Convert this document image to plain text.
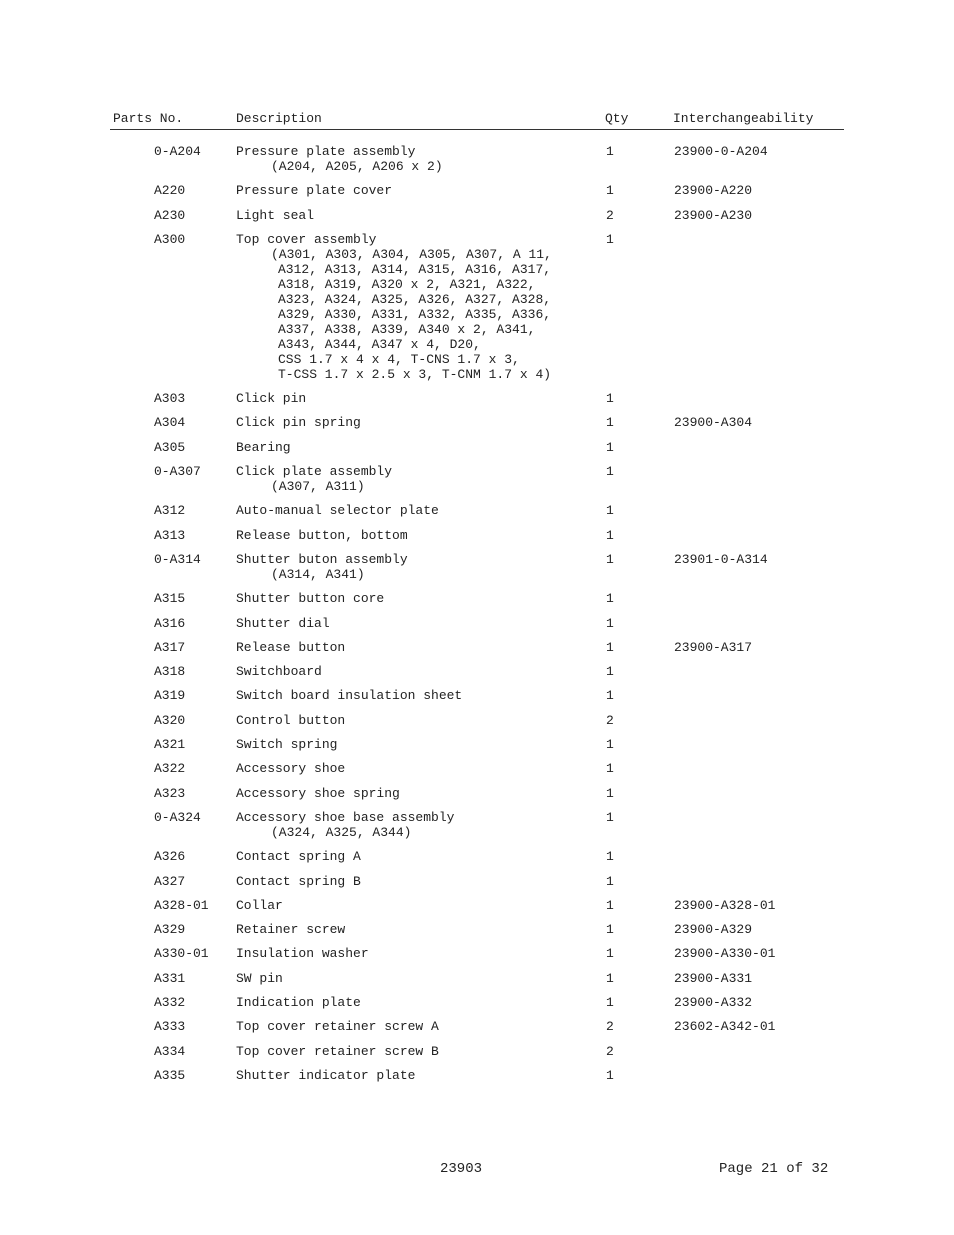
Parts No.	Description	Qty	Interchangeability
0-A204	Pressure plate assembly
(A204, A205, A206 x 2)
1	23900-0-A204
A220	Pressure plate cover	1	23900-A220
A230	Light seal	2	23900-A230
A300	Top cover assembly
(A301, A303, A304, A305, A307, A 11,
A312, A313, A314, A315, A316, A317,
A318, A319, A320 x 2, A321, A322,
A323, A324, A325, A326, A327, A328,
A329, A330, A331, A332, A335, A336,
A337, A338, A339, A340 x 2, A341,
A343, A344, A347 x 4, D20,
CSS 1.7 x 4 x 4, T-CNS 1.7 x 3,
T-CSS 1.7 x 2.5 x 3, T-CNM 1.7 x 4)
1
A303	Click pin	1
A304	Click pin spring	1	23900-A304
A305	Bearing	1
0-A307	Click plate assembly
(A307, A311)
1
A312	Auto-manual selector plate	1
A313	Release button, bottom	1
0-A314	Shutter buton assembly
(A314, A341)
1	23901-0-A314
A315	Shutter button core	1
A316	Shutter dial	1
A317	Release button	1	23900-A317
A318	Switchboard	1
A319	Switch board insulation sheet	1
A320	Control button	2
A321	Switch spring	1
A322	Accessory shoe	1
A323	Accessory shoe spring	1
0-A324	Accessory shoe base assembly
(A324, A325, A344)
1
A326	Contact spring A	1
A327	Contact spring B	1
A328-01 Collar	1	23900-A328-01
A329	Retainer screw	1	23900-A329
A330-01 Insulation washer	1	23900-A330-01
A331	SW pin	1	23900-A331
A332	Indication plate	1	23900-A332
A333	Top cover retainer screw A	2	23602-A342-01
A334	Top cover retainer screw B	2
A335	Shutter indicator plate	1
23903	Page 21 of 32
